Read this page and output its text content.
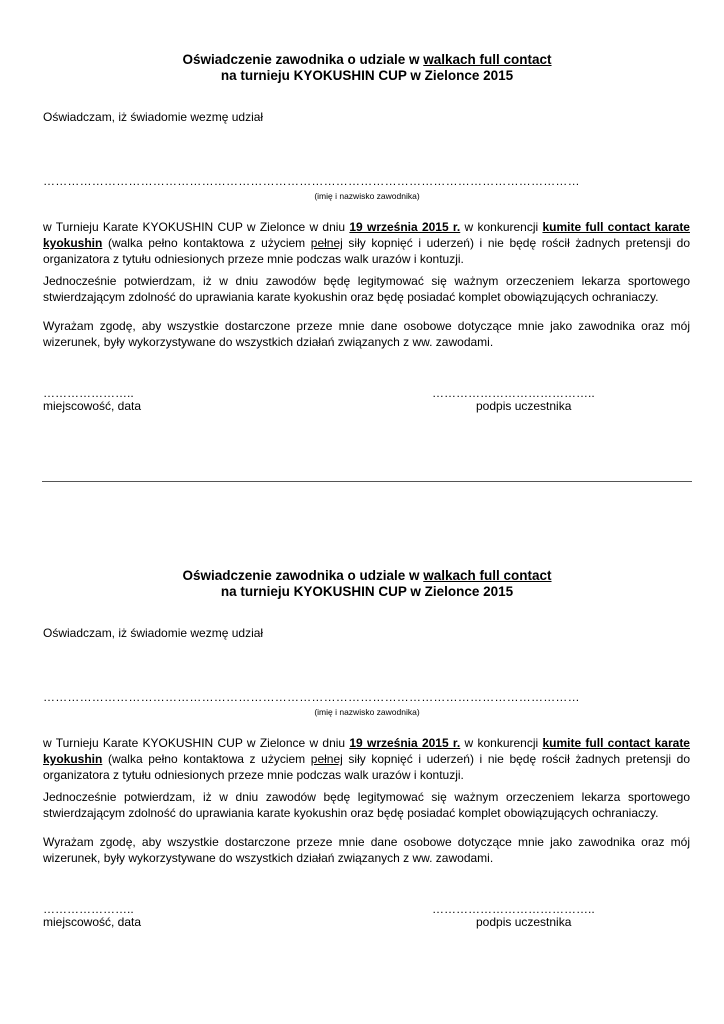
Oświadczenie zawodnika o udziale w walkach full contact
na turnieju KYOKUSHIN CUP w Zielonce 2015
Oświadczam, iż świadomie wezmę udział
……………………………………………………………………………………………………………………
(imię i nazwisko zawodnika)
w Turnieju Karate KYOKUSHIN CUP w Zielonce w dniu 19 września 2015 r. w konkurencji kumite full contact karate kyokushin (walka pełno kontaktowa z użyciem pełnej siły kopnięć i uderzeń) i nie będę rościł żadnych pretensji do organizatora z tytułu odniesionych przeze mnie podczas walk urazów i kontuzji.
Jednocześnie potwierdzam, iż w dniu zawodów będę legitymować się ważnym orzeczeniem lekarza sportowego stwierdzającym zdolność do uprawiania karate kyokushin oraz będę posiadać komplet obowiązujących ochraniaczy.
Wyrażam zgodę, aby wszystkie dostarczone przeze mnie dane osobowe dotyczące mnie jako zawodnika oraz mój wizerunek, były wykorzystywane do wszystkich działań związanych z ww. zawodami.
…………………..	…………………………………..
miejscowość, data	podpis uczestnika
Oświadczenie zawodnika o udziale w walkach full contact
na turnieju KYOKUSHIN CUP w Zielonce 2015
Oświadczam, iż świadomie wezmę udział
……………………………………………………………………………………………………………………
(imię i nazwisko zawodnika)
w Turnieju Karate KYOKUSHIN CUP w Zielonce w dniu 19 września 2015 r. w konkurencji kumite full contact karate kyokushin (walka pełno kontaktowa z użyciem pełnej siły kopnięć i uderzeń) i nie będę rościł żadnych pretensji do organizatora z tytułu odniesionych przeze mnie podczas walk urazów i kontuzji.
Jednocześnie potwierdzam, iż w dniu zawodów będę legitymować się ważnym orzeczeniem lekarza sportowego stwierdzającym zdolność do uprawiania karate kyokushin oraz będę posiadać komplet obowiązujących ochraniaczy.
Wyrażam zgodę, aby wszystkie dostarczone przeze mnie dane osobowe dotyczące mnie jako zawodnika oraz mój wizerunek, były wykorzystywane do wszystkich działań związanych z ww. zawodami.
…………………..	…………………………………..
miejscowość, data	podpis uczestnika
